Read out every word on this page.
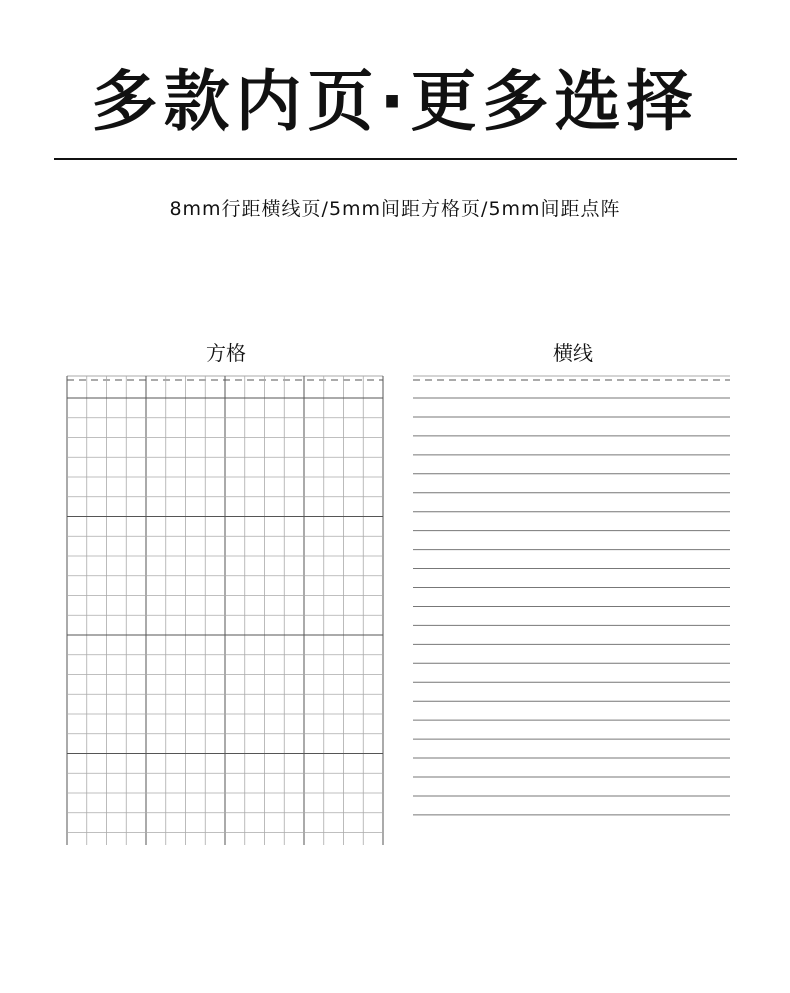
多款内页·更多选择
8mm行距横线页/5mm间距方格页/5mm间距点阵
方格	横线
